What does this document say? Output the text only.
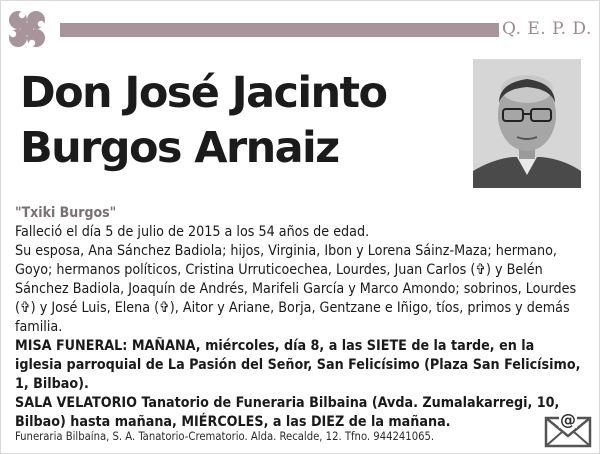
Q. E. P. D.
Don José Jacinto
Burgos Arnaiz
"Txiki Burgos"

Falleció el día 5 de julio de 2015 a los 54 años de edad.

Su esposa, Ana Sánchez Badiola; hijos, Virginia, Ibon y Lorena Sáinz-Maza; hermano, Goyo; hermanos políticos, Cristina Urruticoechea, Lourdes, Juan Carlos (✞) y Belén Sánchez Badiola, Joaquín de Andrés, Marifeli García y Marco Amondo; sobrinos, Lourdes (✞) y José Luis, Elena (✞), Aitor y Ariane, Borja, Gentzane e Iñigo, tíos, primos y demás familia.

MISA FUNERAL: MAÑANA, miércoles, día 8, a las SIETE de la tarde, en la iglesia parroquial de La Pasión del Señor, San Felicísimo (Plaza San Felicísimo, 1, Bilbao).

SALA VELATORIO Tanatorio de Funeraria Bilbaina (Avda. Zumalakarregi, 10, Bilbao) hasta mañana, MIÉRCOLES, a las DIEZ de la mañana.

Funeraria Bilbaína, S. A. Tanatorio-Crematorio. Alda. Recalde, 12. Tfno. 944241065.
@
